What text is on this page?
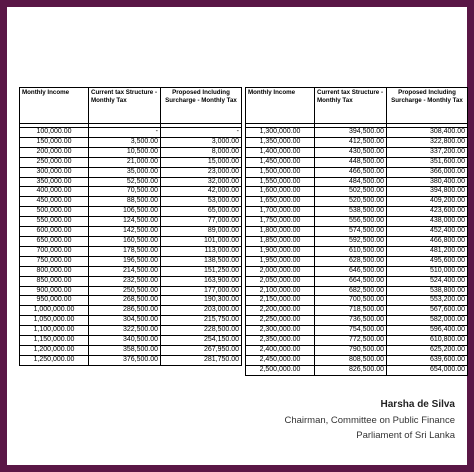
Monthly Income	Current tax Structure - Monthly Tax	Proposed Including Surcharge - Monthly Tax

100,000.00	-	-
150,000.00	3,500.00	3,000.00
200,000.00	10,500.00	8,000.00
250,000.00	21,000.00	15,000.00
300,000.00	35,000.00	23,000.00
350,000.00	52,500.00	32,000.00
400,000.00	70,500.00	42,000.00
450,000.00	88,500.00	53,000.00
500,000.00	106,500.00	65,000.00
550,000.00	124,500.00	77,000.00
600,000.00	142,500.00	89,000.00
650,000.00	160,500.00	101,000.00
700,000.00	178,500.00	113,000.00
750,000.00	196,500.00	138,500.00
800,000.00	214,500.00	151,250.00
850,000.00	232,500.00	163,900.00
900,000.00	250,500.00	177,000.00
950,000.00	268,500.00	190,300.00
1,000,000.00	286,500.00	203,000.00
1,050,000.00	304,500.00	215,750.00
1,100,000.00	322,500.00	228,500.00
1,150,000.00	340,500.00	254,150.00
1,200,000.00	358,500.00	267,950.00
1,250,000.00	376,500.00	281,750.00
Monthly Income	Current tax Structure - Monthly Tax	Proposed Including Surcharge - Monthly Tax

1,300,000.00	394,500.00	308,400.00
1,350,000.00	412,500.00	322,800.00
1,400,000.00	430,500.00	337,200.00
1,450,000.00	448,500.00	351,600.00
1,500,000.00	466,500.00	366,000.00
1,550,000.00	484,500.00	380,400.00
1,600,000.00	502,500.00	394,800.00
1,650,000.00	520,500.00	409,200.00
1,700,000.00	538,500.00	423,600.00
1,750,000.00	556,500.00	438,000.00
1,800,000.00	574,500.00	452,400.00
1,850,000.00	592,500.00	466,800.00
1,900,000.00	610,500.00	481,200.00
1,950,000.00	628,500.00	495,600.00
2,000,000.00	646,500.00	510,000.00
2,050,000.00	664,500.00	524,400.00
2,100,000.00	682,500.00	538,800.00
2,150,000.00	700,500.00	553,200.00
2,200,000.00	718,500.00	567,600.00
2,250,000.00	736,500.00	582,000.00
2,300,000.00	754,500.00	596,400.00
2,350,000.00	772,500.00	610,800.00
2,400,000.00	790,500.00	625,200.00
2,450,000.00	808,500.00	639,600.00
2,500,000.00	826,500.00	654,000.00
Harsha de Silva
Chairman, Committee on Public Finance
Parliament of Sri Lanka
